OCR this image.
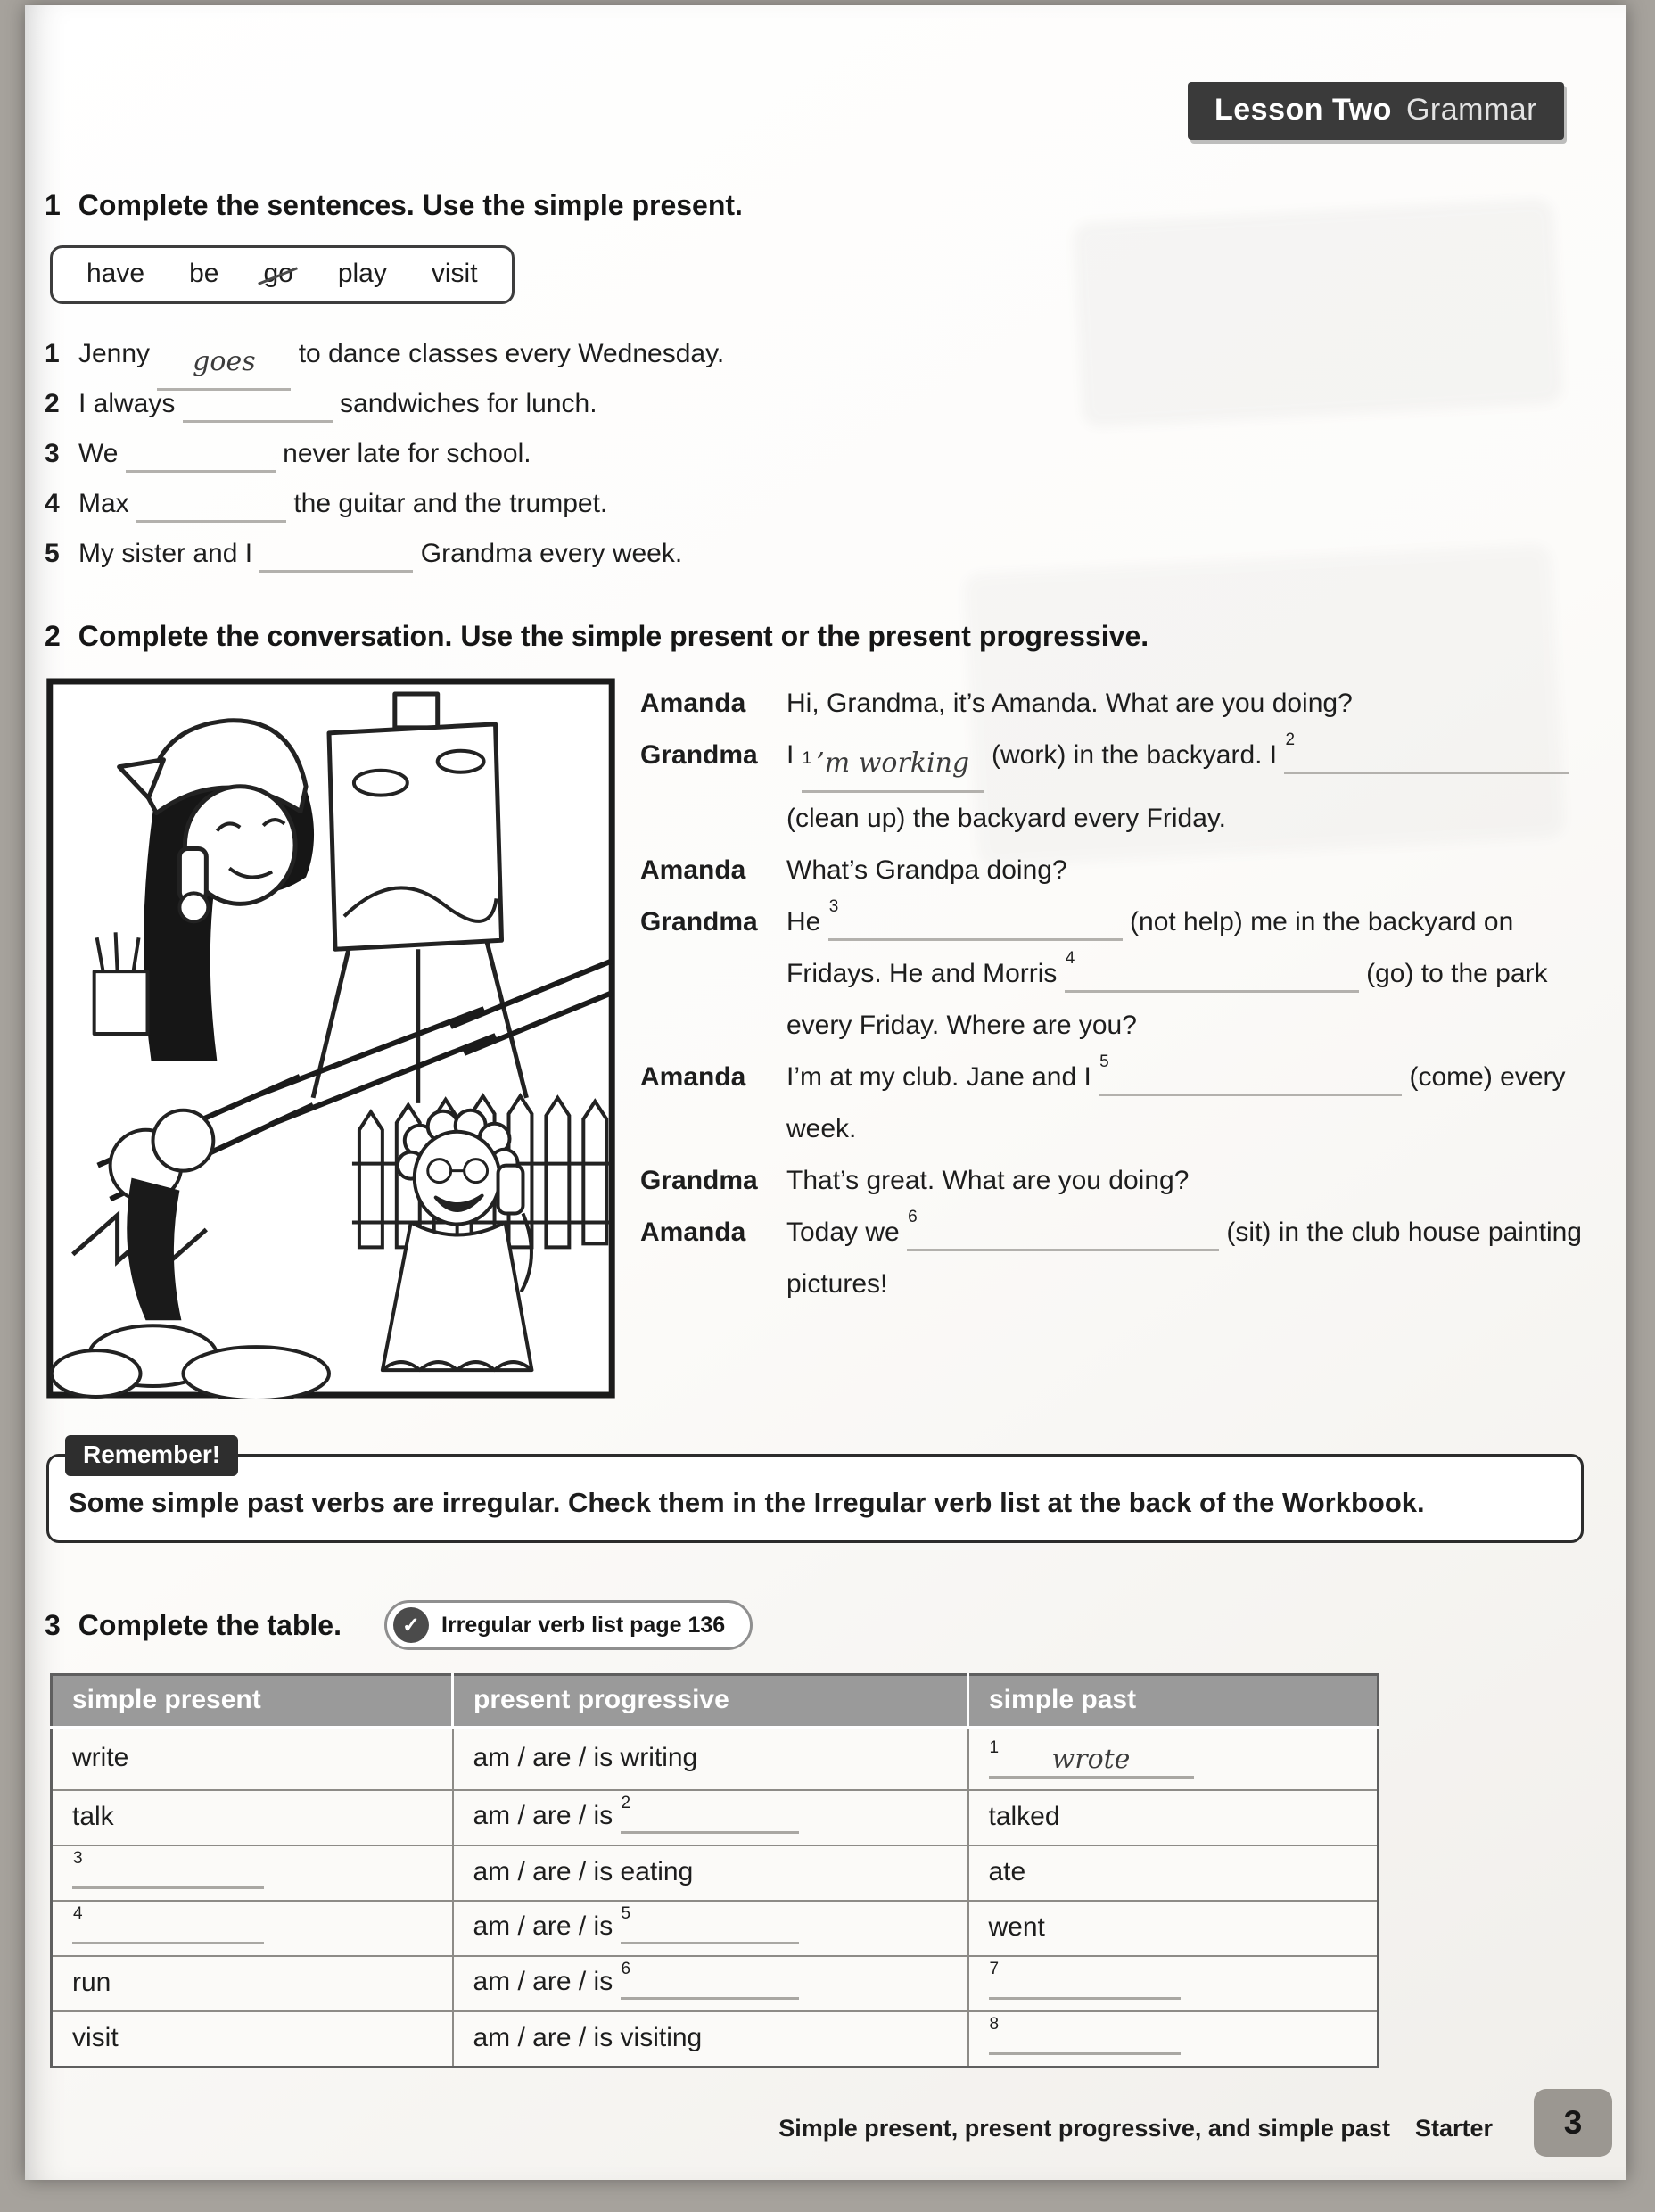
Lesson Two Grammar
1 Complete the sentences. Use the simple present.
have be go play visit
1 Jenny goes to dance classes every Wednesday.
2 I always	sandwiches for lunch.
3 We	never late for school.
4 Max	the guitar and the trumpet.
5 My sister and I	Grandma every week.
2 Complete the conversation. Use the simple present or the present progressive.
Amanda	Hi, Grandma, it’s Amanda. What are you doing?
Grandma	I 1 ’m working (work) in the backyard. I
2
(clean up) the backyard every Friday.
Amanda	What’s Grandpa doing?
Grandma	He
3
(not help) me in the backyard on Fridays. He and Morris
4
(go) to the park every Friday. Where are you?
Amanda	I’m at my club. Jane and I
5
(come) every week.
Grandma	That’s great. What are you doing?
Amanda	Today we
6
(sit) in the club house painting pictures!
Remember!

Some simple past verbs are irregular. Check them in the Irregular verb list at the back of the Workbook.

3 Complete the table.	✓ Irregular verb list page 136
simple present	present progressive	simple past
write	am / are / is writing	1 wrote

talk	am / are / is 2	talked

3	am / are / is eating	ate

4	am / are / is 5	went
run	am / are / is 6	7

visit	am / are / is visiting	8
Simple present, present progressive, and simple past Starter	3
